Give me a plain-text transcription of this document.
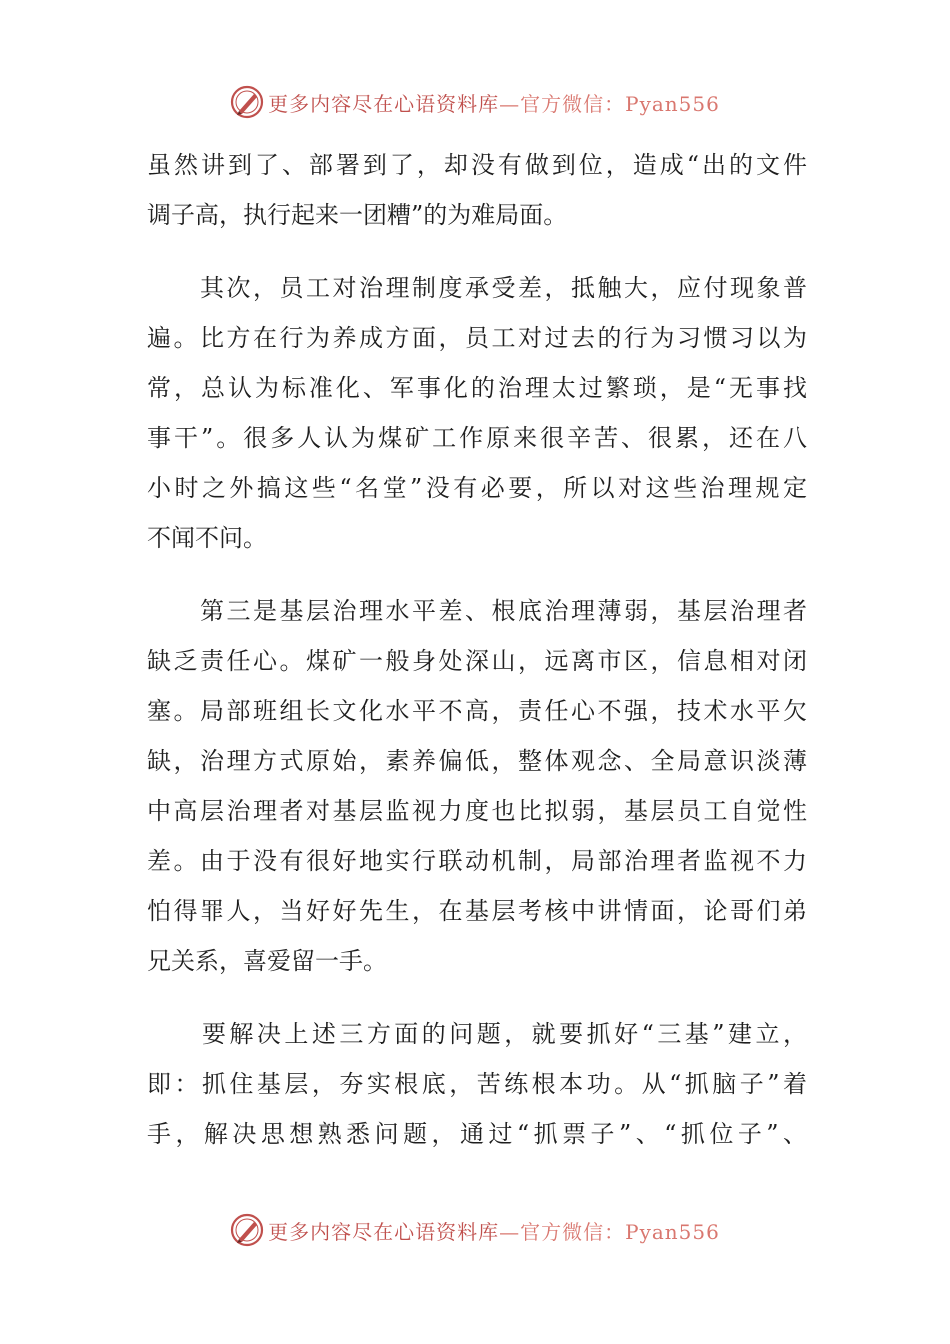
更多内容尽在心语资料库—官方微信：Pyan556
虽然讲到了、部署到了，却没有做到位，造成“出的文件
调子高，执行起来一团糟”的为难局面。
　　其次，员工对治理制度承受差，抵触大，应付现象普
遍。比方在行为养成方面，员工对过去的行为习惯习以为
常，总认为标准化、军事化的治理太过繁琐，是“无事找
事干”。很多人认为煤矿工作原来很辛苦、很累，还在八
小时之外搞这些“名堂”没有必要，所以对这些治理规定
不闻不问。
　　第三是基层治理水平差、根底治理薄弱，基层治理者
缺乏责任心。煤矿一般身处深山，远离市区，信息相对闭
塞。局部班组长文化水平不高，责任心不强，技术水平欠
缺，治理方式原始，素养偏低，整体观念、全局意识淡薄
中高层治理者对基层监视力度也比拟弱，基层员工自觉性
差。由于没有很好地实行联动机制，局部治理者监视不力
怕得罪人，当好好先生，在基层考核中讲情面，论哥们弟
兄关系，喜爱留一手。
　　要解决上述三方面的问题，就要抓好“三基”建立，
即：抓住基层，夯实根底，苦练根本功。从“抓脑子”着
手，解决思想熟悉问题，通过“抓票子”、“抓位子”、
更多内容尽在心语资料库—官方微信：Pyan556
